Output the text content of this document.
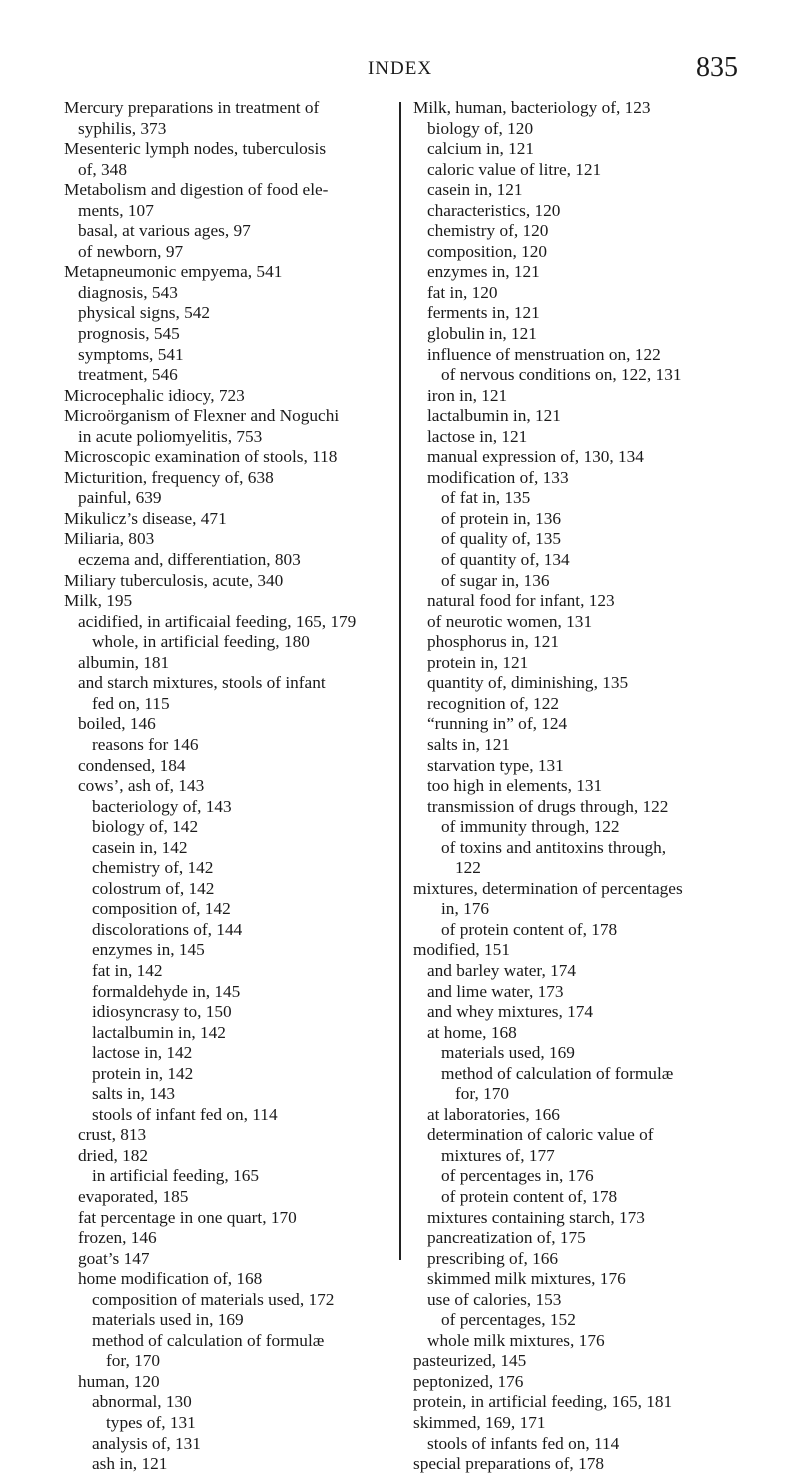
INDEX	835
Mercury preparations in treatment of
syphilis, 373
Mesenteric lymph nodes, tuberculosis
of, 348
Metabolism and digestion of food ele-
ments, 107
basal, at various ages, 97
of newborn, 97
Metapneumonic empyema, 541
diagnosis, 543
physical signs, 542
prognosis, 545
symptoms, 541
treatment, 546
Microcephalic idiocy, 723
Microörganism of Flexner and Noguchi
in acute poliomyelitis, 753
Microscopic examination of stools, 118
Micturition, frequency of, 638
painful, 639
Mikulicz’s disease, 471
Miliaria, 803
eczema and, differentiation, 803
Miliary tuberculosis, acute, 340
Milk, 195
acidified, in artificaial feeding, 165, 179
whole, in artificial feeding, 180
albumin, 181
and starch mixtures, stools of infant
fed on, 115
boiled, 146
reasons for 146
condensed, 184
cows’, ash of, 143
bacteriology of, 143
biology of, 142
casein in, 142
chemistry of, 142
colostrum of, 142
composition of, 142
discolorations of, 144
enzymes in, 145
fat in, 142
formaldehyde in, 145
idiosyncrasy to, 150
lactalbumin in, 142
lactose in, 142
protein in, 142
salts in, 143
stools of infant fed on, 114
crust, 813
dried, 182
in artificial feeding, 165
evaporated, 185
fat percentage in one quart, 170
frozen, 146
goat’s 147
home modification of, 168
composition of materials used, 172
materials used in, 169
method of calculation of formulæ
for, 170
human, 120
abnormal, 130
types of, 131
analysis of, 131
ash in, 121
Milk, human, bacteriology of, 123
biology of, 120
calcium in, 121
caloric value of litre, 121
casein in, 121
characteristics, 120
chemistry of, 120
composition, 120
enzymes in, 121
fat in, 120
ferments in, 121
globulin in, 121
influence of menstruation on, 122
of nervous conditions on, 122, 131
iron in, 121
lactalbumin in, 121
lactose in, 121
manual expression of, 130, 134
modification of, 133
of fat in, 135
of protein in, 136
of quality of, 135
of quantity of, 134
of sugar in, 136
natural food for infant, 123
of neurotic women, 131
phosphorus in, 121
protein in, 121
quantity of, diminishing, 135
recognition of, 122
“running in” of, 124
salts in, 121
starvation type, 131
too high in elements, 131
transmission of drugs through, 122
of immunity through, 122
of toxins and antitoxins through,
122
mixtures, determination of percentages
in, 176
of protein content of, 178
modified, 151
and barley water, 174
and lime water, 173
and whey mixtures, 174
at home, 168
materials used, 169
method of calculation of formulæ
for, 170
at laboratories, 166
determination of caloric value of
mixtures of, 177
of percentages in, 176
of protein content of, 178
mixtures containing starch, 173
pancreatization of, 175
prescribing of, 166
skimmed milk mixtures, 176
use of calories, 153
of percentages, 152
whole milk mixtures, 176
pasteurized, 145
peptonized, 176
protein, in artificial feeding, 165, 181
skimmed, 169, 171
stools of infants fed on, 114
special preparations of, 178
